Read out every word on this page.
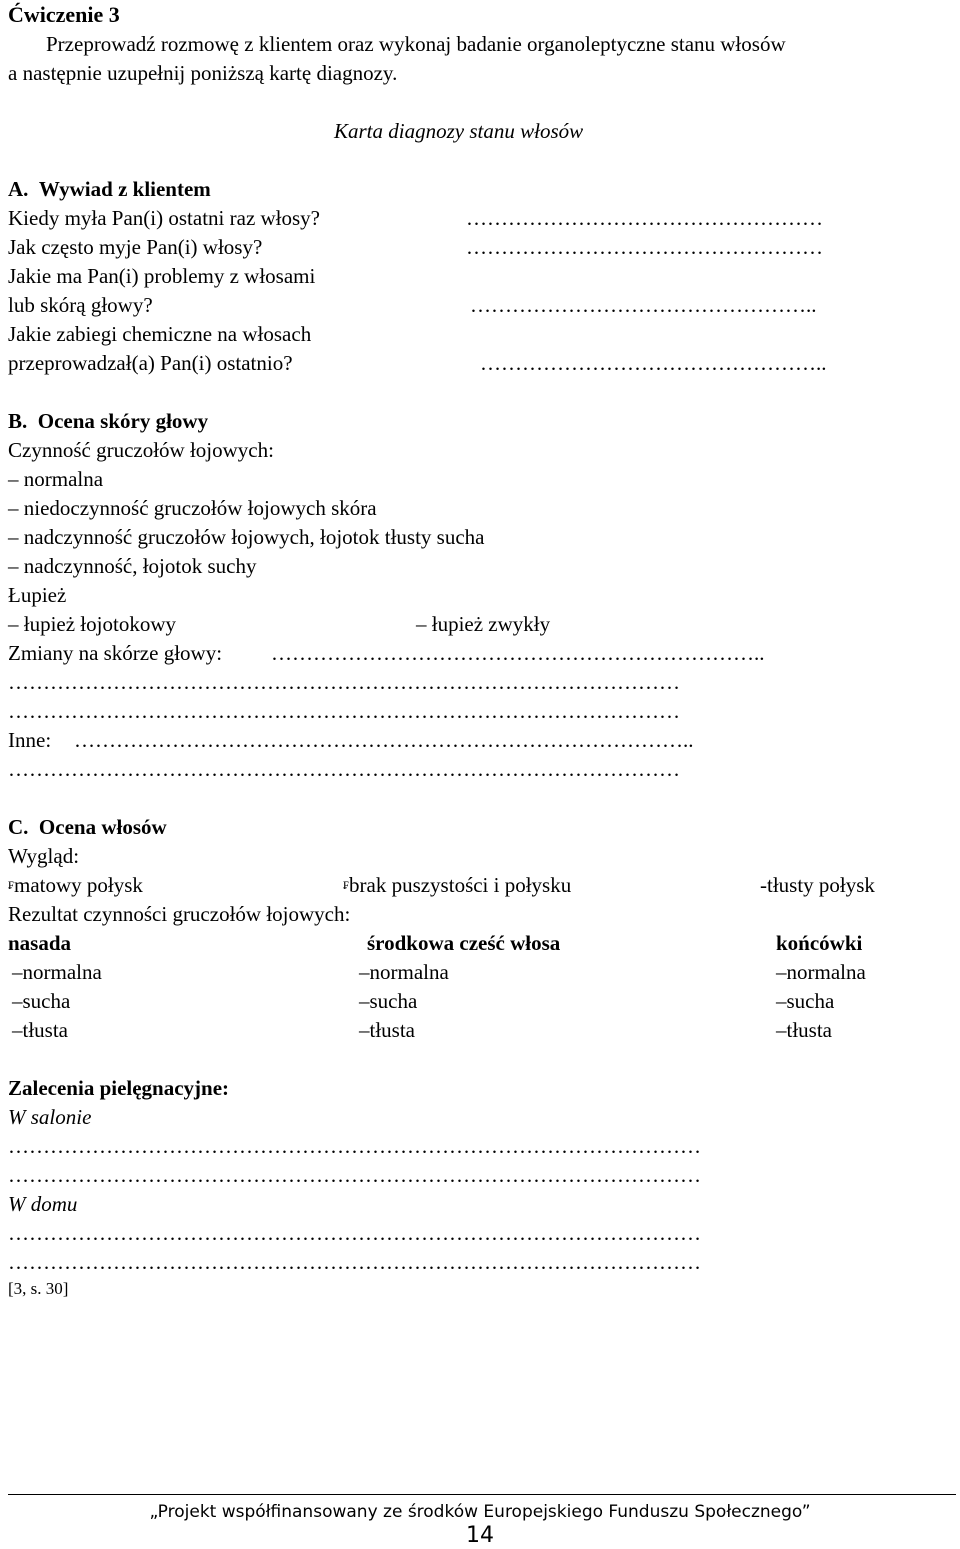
Ćwiczenie 3
Przeprowadź rozmowę z klientem oraz wykonaj badanie organoleptyczne stanu włosów
a następnie uzupełnij poniższą kartę diagnozy.
Karta diagnozy stanu włosów
A.  Wywiad z klientem
Kiedy myła Pan(i) ostatni raz włosy?	……………………………………………
Jak często myje Pan(i) włosy?	……………………………………………
Jakie ma Pan(i) problemy z włosami
lub skórą głowy?	…………………………………………..
Jakie zabiegi chemiczne na włosach
przeprowadzał(a) Pan(i) ostatnio?	…………………………………………..
B.  Ocena skóry głowy
Czynność gruczołów łojowych:
– normalna
– niedoczynność gruczołów łojowych skóra
– nadczynność gruczołów łojowych, łojotok tłusty sucha
– nadczynność, łojotok suchy
Łupież
– łupież łojotokowy	– łupież zwykły
Zmiany na skórze głowy: ……………………………………………………………..
……………………………………………………………………………………
……………………………………………………………………………………
Inne: ……………………………………………………………………………..
……………………………………………………………………………………
C.  Ocena włosów
Wygląd:
₣matowy połysk	₣brak puszystości i połysku	-tłusty połysk
Rezultat czynności gruczołów łojowych:
nasada	środkowa cześć włosa	końcówki
–normalna	–normalna	–normalna
–sucha	–sucha	–sucha
–tłusta	–tłusta	–tłusta
Zalecenia pielęgnacyjne:
W salonie
………………………………………………………………………………………
………………………………………………………………………………………
W domu
………………………………………………………………………………………
………………………………………………………………………………………
[3, s. 30]
„Projekt współfinansowany ze środków Europejskiego Funduszu Społecznego”
14
